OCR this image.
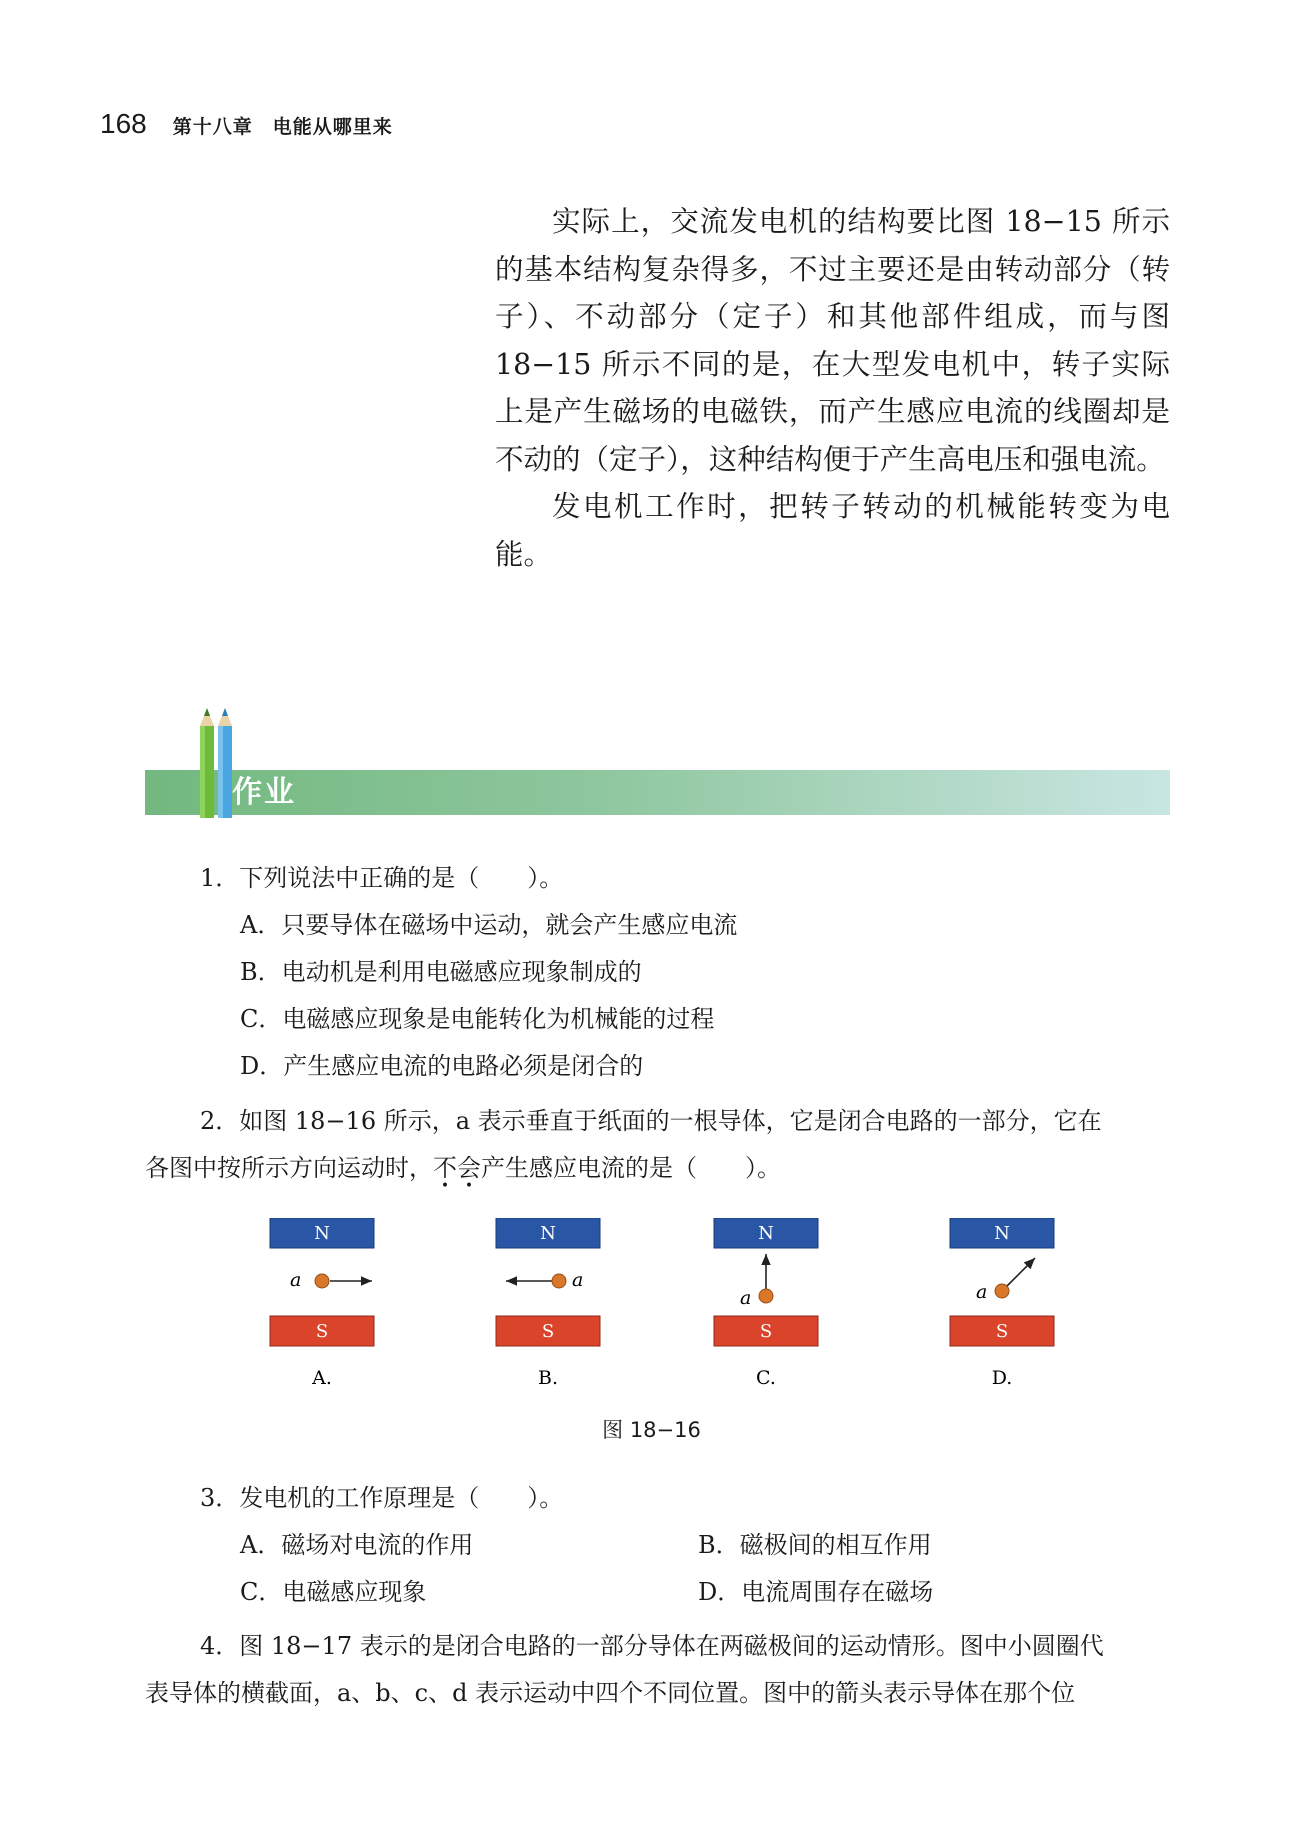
168 第十八章　电能从哪里来

实际上，交流发电机的结构要比图 18−15 所示的基本结构复杂得多，不过主要还是由转动部分（转子）、不动部分（定子）和其他部件组成，而与图 18−15 所示不同的是，在大型发电机中，转子实际上是产生磁场的电磁铁，而产生感应电流的线圈却是不动的（定子），这种结构便于产生高电压和强电流。

发电机工作时，把转子转动的机械能转变为电能。

作业
1．下列说法中正确的是（　　）。
A．只要导体在磁场中运动，就会产生感应电流
B．电动机是利用电磁感应现象制成的
C．电磁感应现象是电能转化为机械能的过程
D．产生感应电流的电路必须是闭合的
2．如图 18−16 所示，a 表示垂直于纸面的一根导体，它是闭合电路的一部分，它在
各图中按所示方向运动时，不会产生感应电流的是（　　）。
3．发电机的工作原理是（　　）。
A．磁场对电流的作用	B．磁极间的相互作用
C．电磁感应现象	D．电流周围存在磁场
4．图 18−17 表示的是闭合电路的一部分导体在两磁极间的运动情形。图中小圆圈代
表导体的横截面，a、b、c、d 表示运动中四个不同位置。图中的箭头表示导体在那个位
N
a
S
A.
N
a
S
B.
N
a
S
C.
N
a
S
D.
图 18−16
